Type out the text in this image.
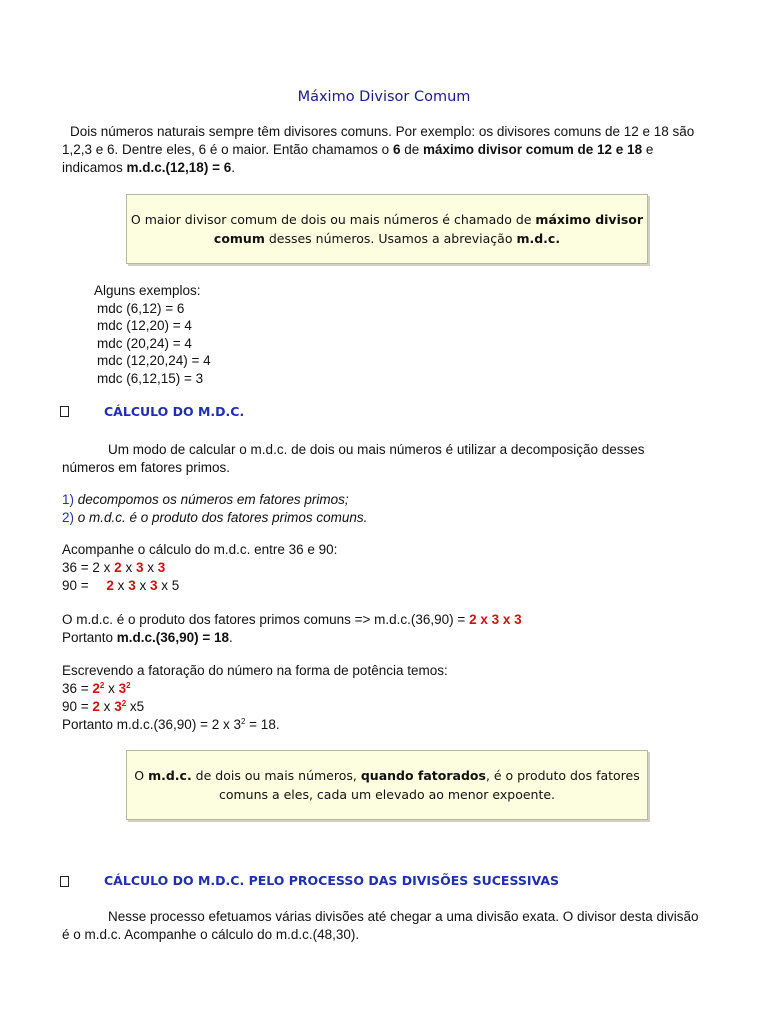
Máximo Divisor Comum
Dois números naturais sempre têm divisores comuns. Por exemplo: os divisores comuns de 12 e 18 são
1,2,3 e 6. Dentre eles, 6 é o maior. Então chamamos o 6 de máximo divisor comum de 12 e 18 e
indicamos m.d.c.(12,18) = 6.
O maior divisor comum de dois ou mais números é chamado de máximo divisor
comum desses números. Usamos a abreviação m.d.c.
Alguns exemplos:
mdc (6,12) = 6
mdc (12,20) = 4
mdc (20,24) = 4
mdc (12,20,24) = 4
mdc (6,12,15) = 3
CÁLCULO DO M.D.C.
Um modo de calcular o m.d.c. de dois ou mais números é utilizar a decomposição desses
números em fatores primos.
1) decompomos os números em fatores primos;
2) o m.d.c. é o produto dos fatores primos comuns.
Acompanhe o cálculo do m.d.c. entre 36 e 90:
36 = 2 x 2 x 3 x 3
90 = 2 x 3 x 3 x 5
O m.d.c. é o produto dos fatores primos comuns => m.d.c.(36,90) = 2 x 3 x 3
Portanto m.d.c.(36,90) = 18.
Escrevendo a fatoração do número na forma de potência temos:
$36 = 2^2$ x $3^2$
90 = 2 x $3^2$ x5
Portanto m.d.c.(36,90) = 2 x $3^2 = 18$.
O m.d.c. de dois ou mais números, quando fatorados, é o produto dos fatores
comuns a eles, cada um elevado ao menor expoente.
CÁLCULO DO M.D.C. PELO PROCESSO DAS DIVISÕES SUCESSIVAS
Nesse processo efetuamos várias divisões até chegar a uma divisão exata. O divisor desta divisão
é o m.d.c. Acompanhe o cálculo do m.d.c.(48,30).
